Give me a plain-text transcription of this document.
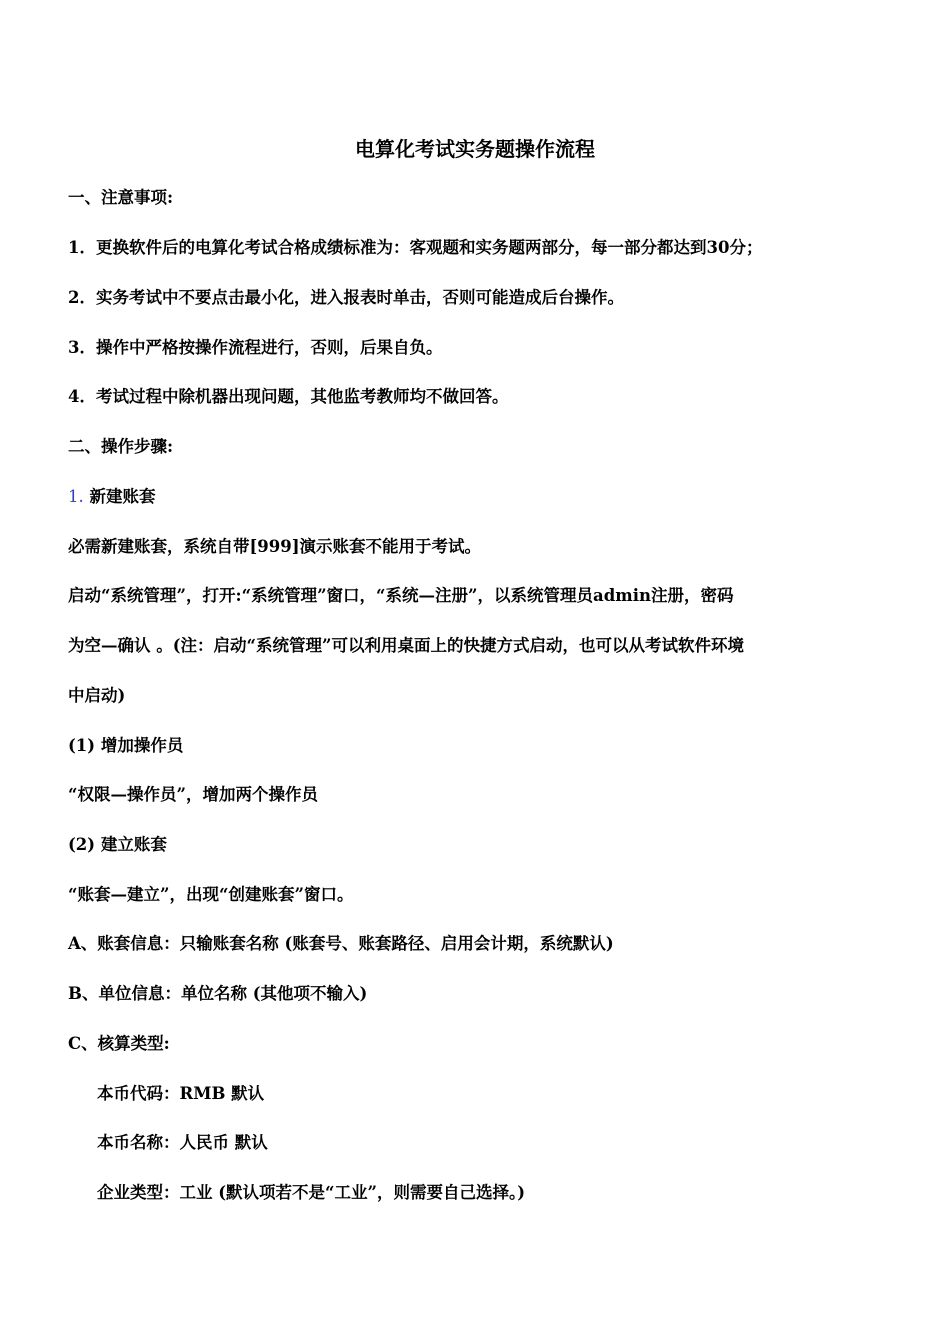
电算化考试实务题操作流程
一、注意事项:
1．更换软件后的电算化考试合格成绩标准为：客观题和实务题两部分，每一部分都达到30分；
2．实务考试中不要点击最小化，进入报表时单击，否则可能造成后台操作。
3．操作中严格按操作流程进行，否则，后果自负。
4．考试过程中除机器出现问题，其他监考教师均不做回答。
二、操作步骤:
1. 新建账套
必需新建账套，系统自带[999]演示账套不能用于考试。
启动“系统管理”，打开:“系统管理”窗口，“系统—注册”，以系统管理员admin注册，密码
为空—确认 。(注：启动“系统管理”可以利用桌面上的快捷方式启动，也可以从考试软件环境
中启动)
(1) 增加操作员
“权限—操作员”，增加两个操作员
(2) 建立账套
“账套—建立”，出现“创建账套”窗口。
A、账套信息：只输账套名称 (账套号、账套路径、启用会计期，系统默认)
B、单位信息：单位名称 (其他项不输入)
C、核算类型:
本币代码：RMB 默认
本币名称：人民币 默认
企业类型：工业 (默认项若不是“工业”，则需要自己选择。)
